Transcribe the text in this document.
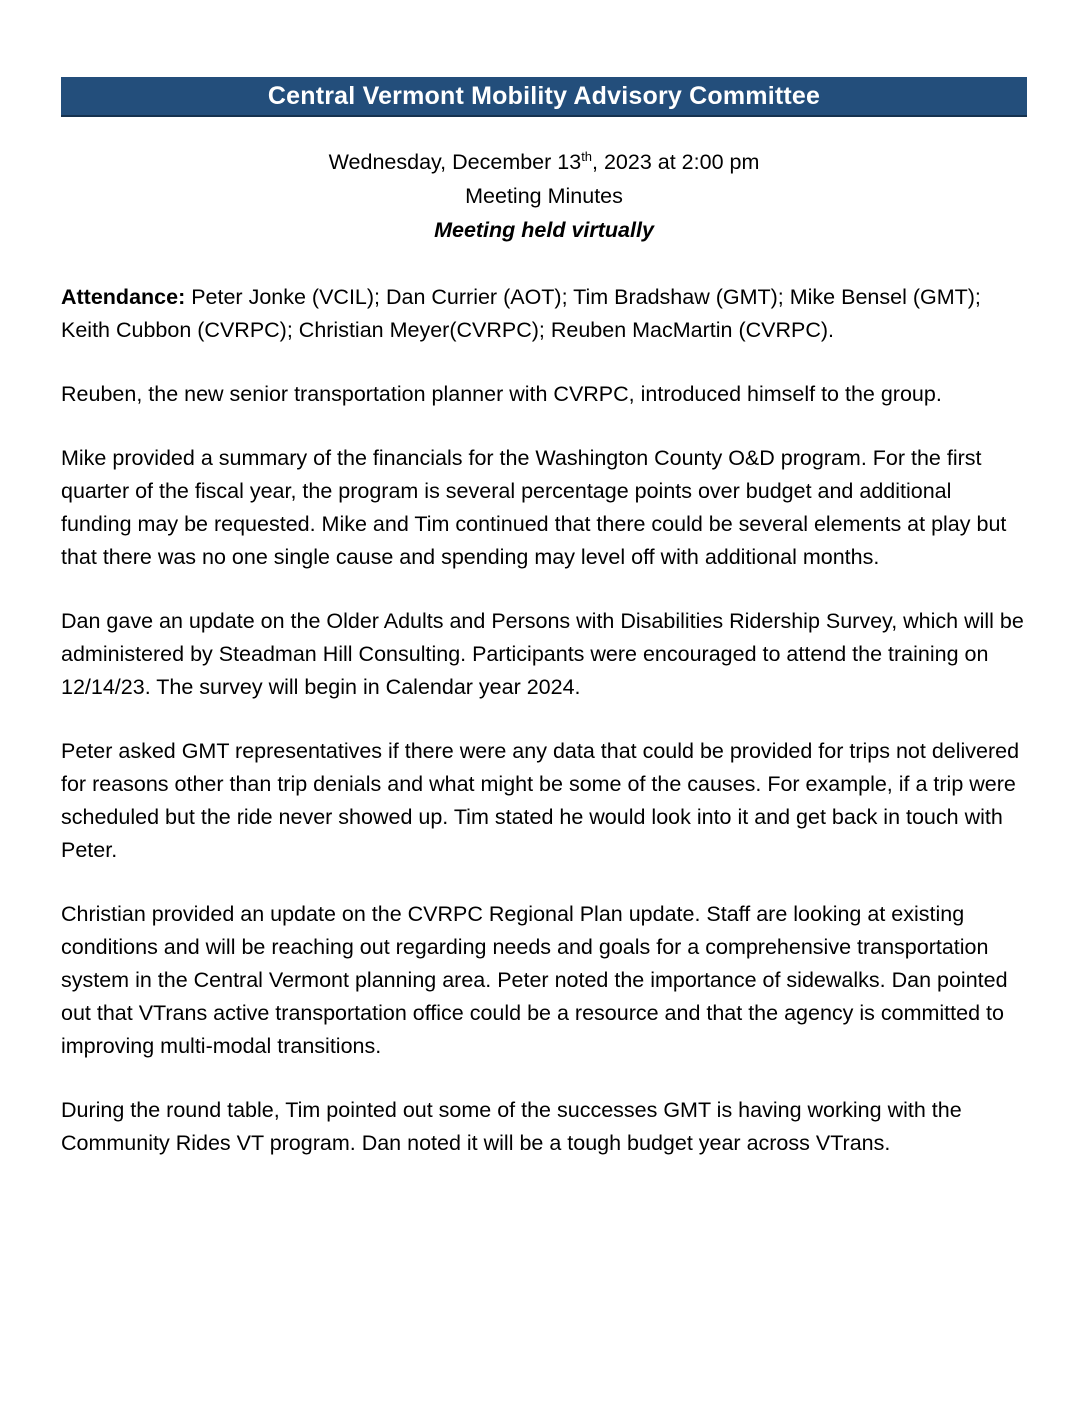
Central Vermont Mobility Advisory Committee
Wednesday, December 13th, 2023 at 2:00 pm
Meeting Minutes
Meeting held virtually

Attendance: Peter Jonke (VCIL); Dan Currier (AOT); Tim Bradshaw (GMT); Mike Bensel (GMT); Keith Cubbon (CVRPC); Christian Meyer(CVRPC); Reuben MacMartin (CVRPC).

Reuben, the new senior transportation planner with CVRPC, introduced himself to the group.

Mike provided a summary of the financials for the Washington County O&D program. For the first quarter of the fiscal year, the program is several percentage points over budget and additional funding may be requested. Mike and Tim continued that there could be several elements at play but that there was no one single cause and spending may level off with additional months.

Dan gave an update on the Older Adults and Persons with Disabilities Ridership Survey, which will be administered by Steadman Hill Consulting. Participants were encouraged to attend the training on 12/14/23. The survey will begin in Calendar year 2024.

Peter asked GMT representatives if there were any data that could be provided for trips not delivered for reasons other than trip denials and what might be some of the causes. For example, if a trip were scheduled but the ride never showed up. Tim stated he would look into it and get back in touch with Peter.

Christian provided an update on the CVRPC Regional Plan update. Staff are looking at existing conditions and will be reaching out regarding needs and goals for a comprehensive transportation system in the Central Vermont planning area. Peter noted the importance of sidewalks. Dan pointed out that VTrans active transportation office could be a resource and that the agency is committed to improving multi-modal transitions.

During the round table, Tim pointed out some of the successes GMT is having working with the Community Rides VT program. Dan noted it will be a tough budget year across VTrans.
